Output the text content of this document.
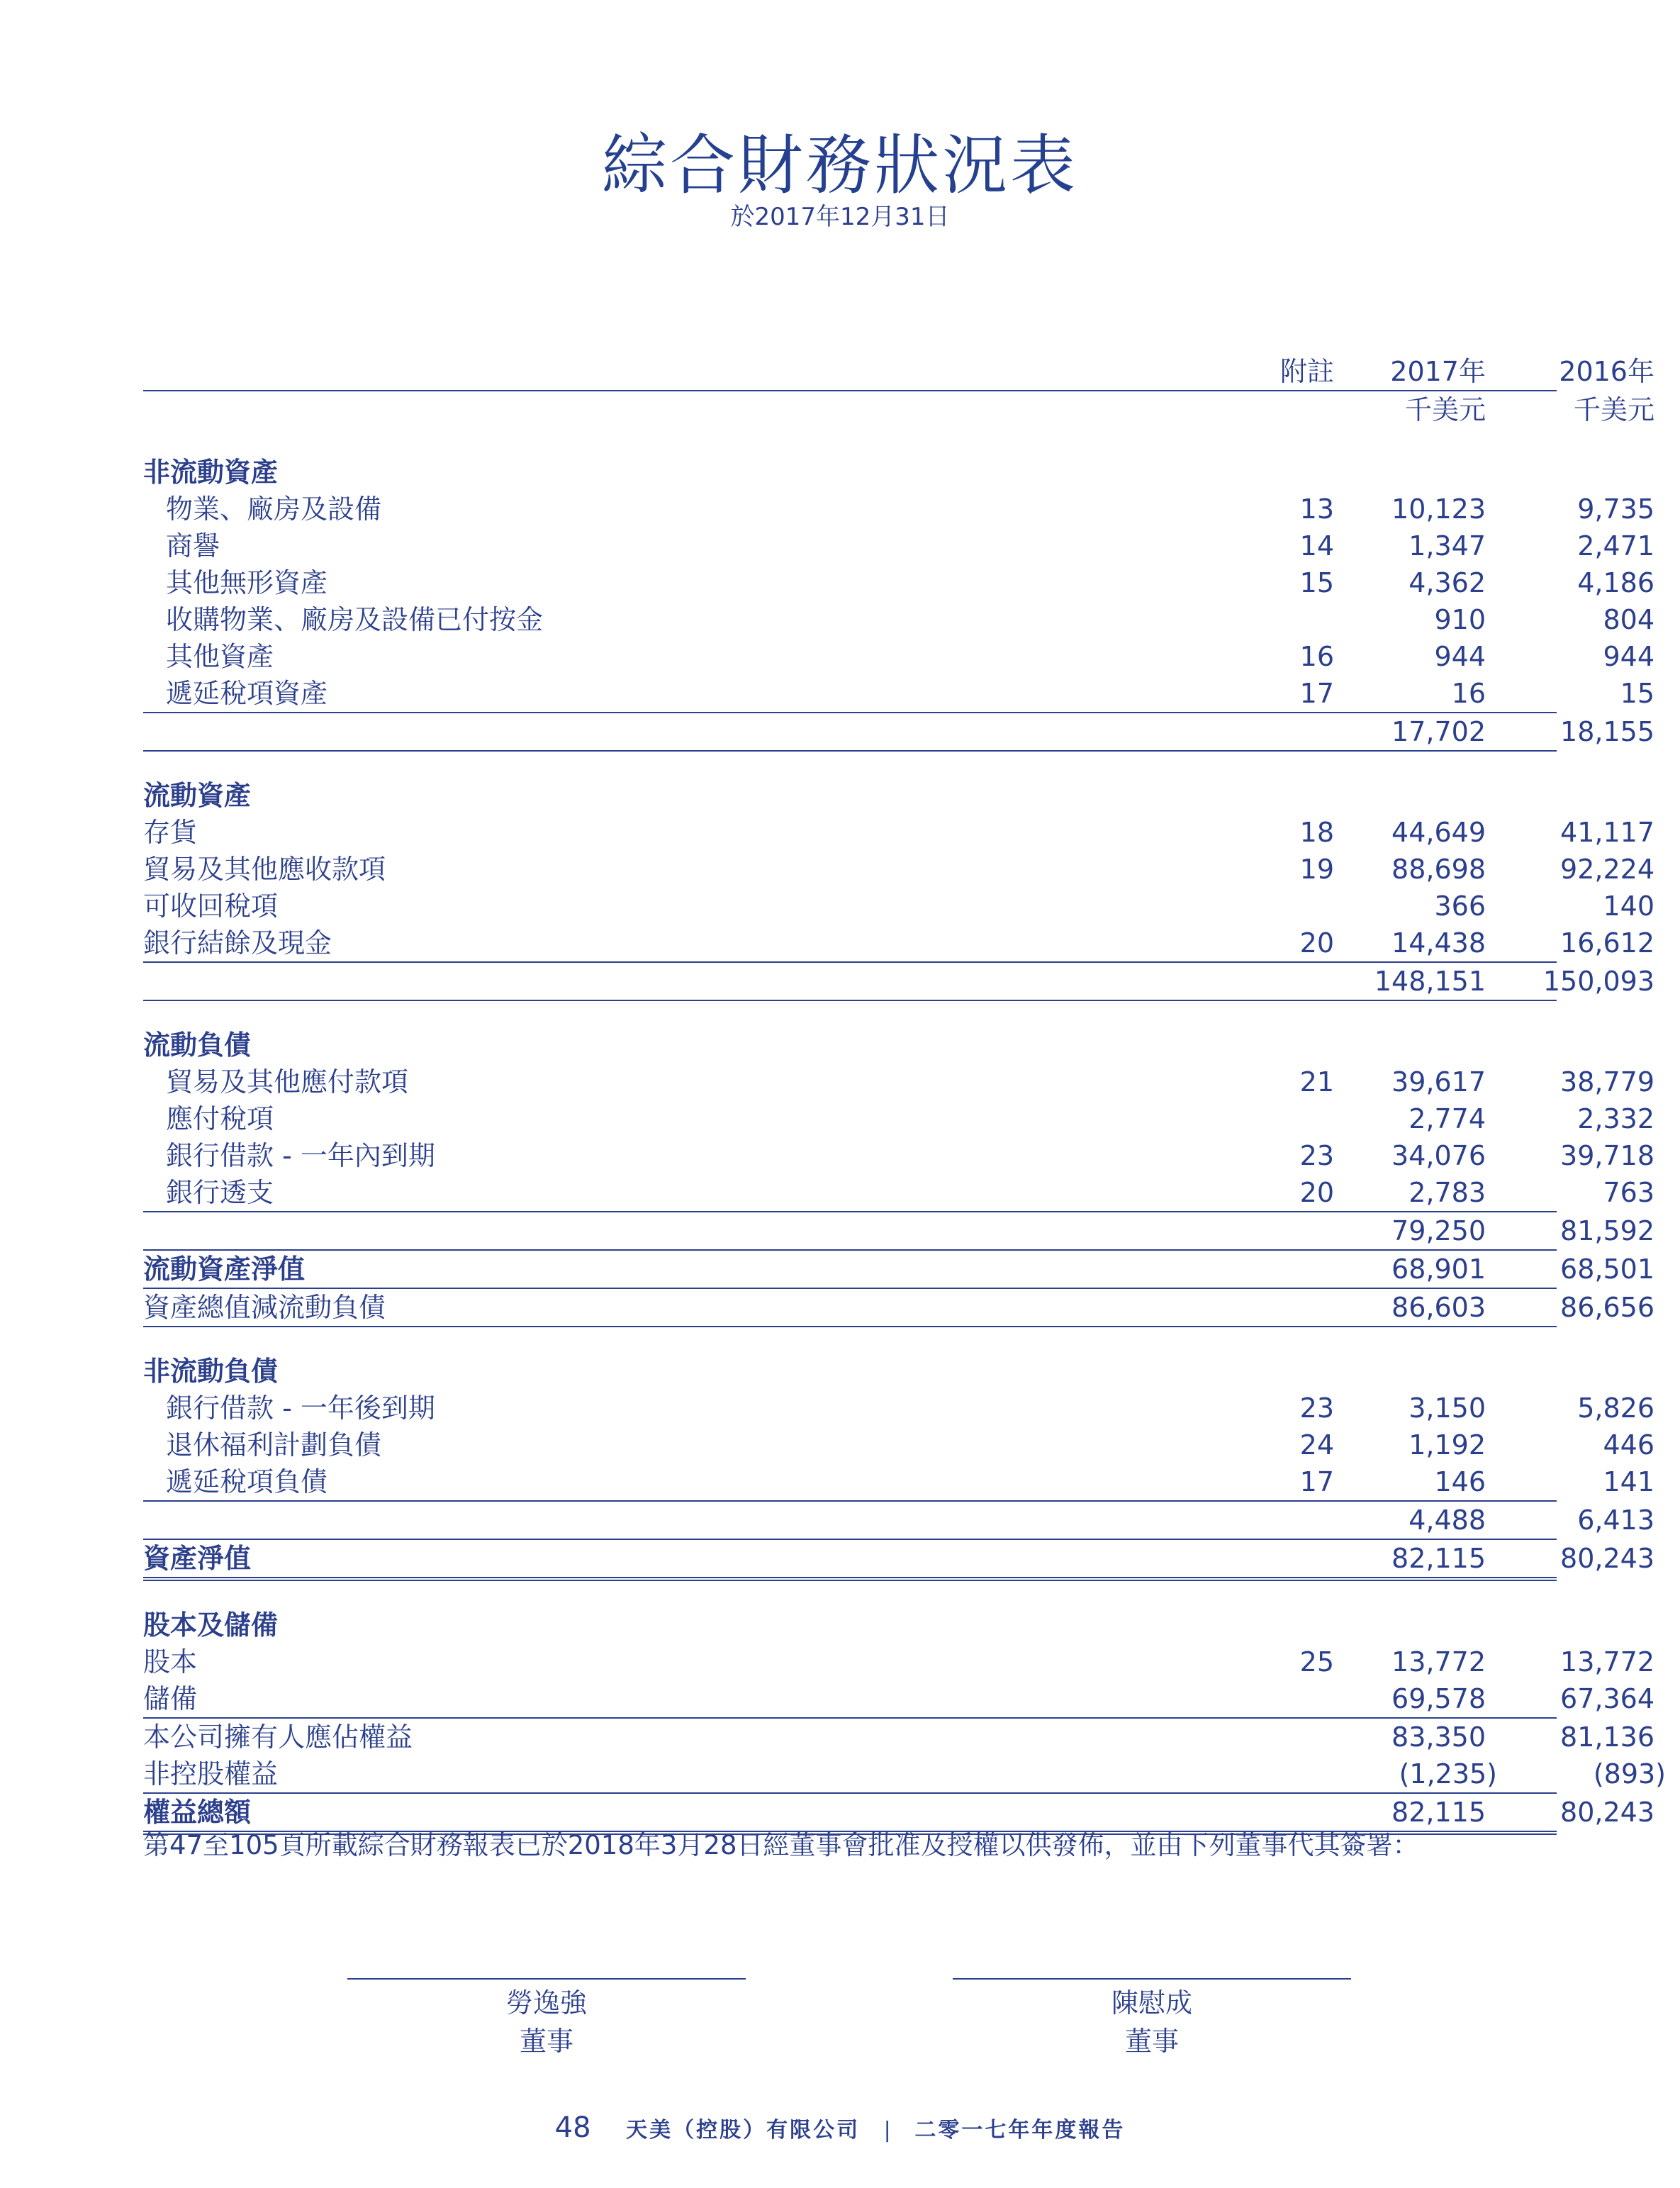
綜合財務狀況表
於2017年12月31日
附註	2017年	2016年
千美元	千美元
非流動資產
物業、廠房及設備	13	10,123	9,735
商譽	14	1,347	2,471
其他無形資產	15	4,362	4,186
收購物業、廠房及設備已付按金	910	804
其他資產	16	944	944
遞延稅項資產	17	16	15
17,702	18,155
流動資產
存貨	18	44,649	41,117
貿易及其他應收款項	19	88,698	92,224
可收回稅項	366	140
銀行結餘及現金	20	14,438	16,612
148,151	150,093
流動負債
貿易及其他應付款項	21	39,617	38,779
應付稅項	2,774	2,332
銀行借款 - 一年內到期	23	34,076	39,718
銀行透支	20	2,783	763
79,250	81,592
流動資產淨值	68,901	68,501
資產總值減流動負債	86,603	86,656
非流動負債
銀行借款 - 一年後到期	23	3,150	5,826
退休福利計劃負債	24	1,192	446
遞延稅項負債	17	146	141
4,488	6,413
資產淨值	82,115	80,243
股本及儲備
股本	25	13,772	13,772
儲備	69,578	67,364
本公司擁有人應佔權益	83,350	81,136
非控股權益	(1,235)	(893)
權益總額	82,115	80,243
第47至105頁所載綜合財務報表已於2018年3月28日經董事會批准及授權以供發佈，並由下列董事代其簽署：
勞逸強
董事
陳慰成
董事
48 天美（控股）有限公司 | 二零一七年年度報告
